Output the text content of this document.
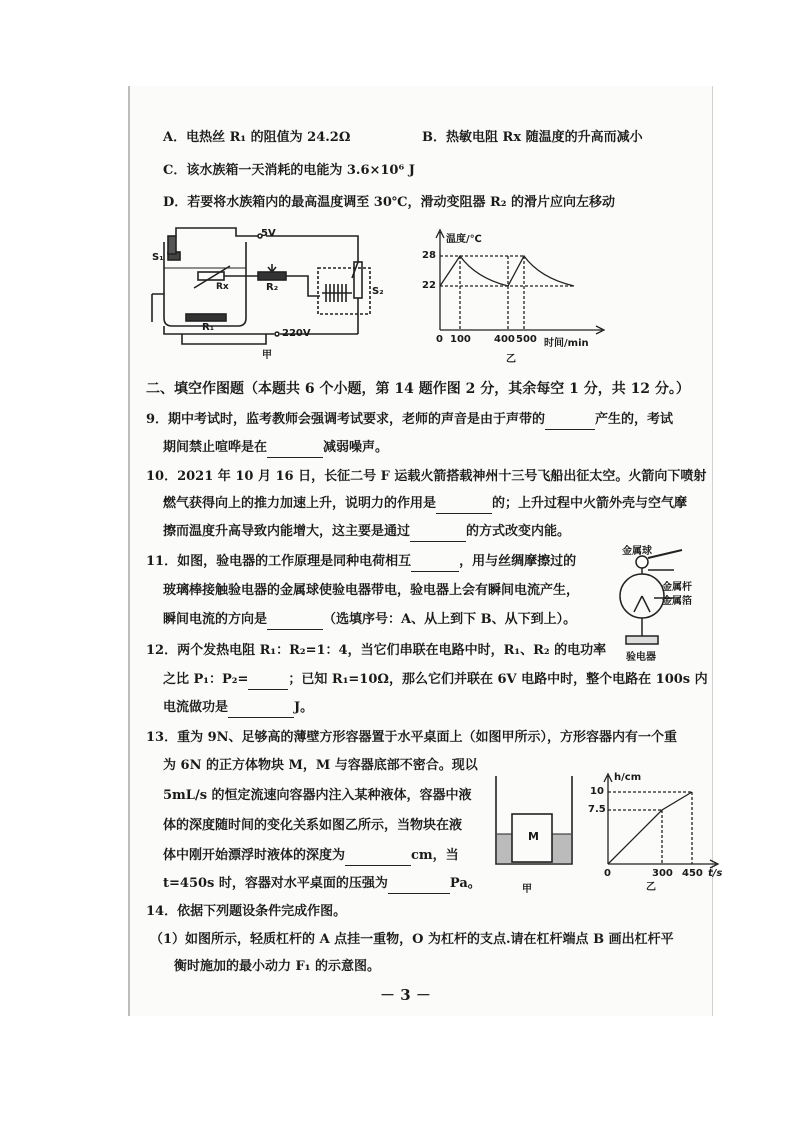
A．电热丝 R₁ 的阻值为 24.2Ω	B．热敏电阻 Rx 随温度的升高而减小
C．该水族箱一天消耗的电能为 3.6×10⁶ J
D．若要将水族箱内的最高温度调至 30℃，滑动变阻器 R₂ 的滑片应向左移动
5V
220V
S₁
S₂
Rx
R₁
R₂
甲
温度/℃
28
22
0 100 400 500 时间/min
乙
二、填空作图题（本题共 6 个小题，第 14 题作图 2 分，其余每空 1 分，共 12 分。）
9．期中考试时，监考教师会强调考试要求，老师的声音是由于声带的	产生的，考试
期间禁止喧哗是在	减弱噪声。
10．2021 年 10 月 16 日，长征二号 F 运载火箭搭载神州十三号飞船出征太空。火箭向下喷射
燃气获得向上的推力加速上升，说明力的作用是	的；上升过程中火箭外壳与空气摩
擦而温度升高导致内能增大，这主要是通过	的方式改变内能。
11．如图，验电器的工作原理是同种电荷相互	，用与丝绸摩擦过的
玻璃棒接触验电器的金属球使验电器带电，验电器上会有瞬间电流产生，
瞬间电流的方向是	（选填序号：A、从上到下 B、从下到上）。
金属球
金属杆
金属箔
验电器
12．两个发热电阻 R₁：R₂=1：4，当它们串联在电路中时，R₁、R₂ 的电功率
之比 P₁：P₂=	；已知 R₁=10Ω，那么它们并联在 6V 电路中时，整个电路在 100s 内
电流做功是	J。
13．重为 9N、足够高的薄壁方形容器置于水平桌面上（如图甲所示），方形容器内有一个重
为 6N 的正方体物块 M，M 与容器底部不密合。现以
5mL/s 的恒定流速向容器内注入某种液体，容器中液
体的深度随时间的变化关系如图乙所示，当物块在液
体中刚开始漂浮时液体的深度为	cm，当
t=450s 时，容器对水平桌面的压强为	Pa。
M
甲
h/cm
10
7.5
0	300 450 t/s
乙
14．依据下列题设条件完成作图。
（1）如图所示，轻质杠杆的 A 点挂一重物，O 为杠杆的支点.请在杠杆端点 B 画出杠杆平
衡时施加的最小动力 F₁ 的示意图。
－ 3 －
